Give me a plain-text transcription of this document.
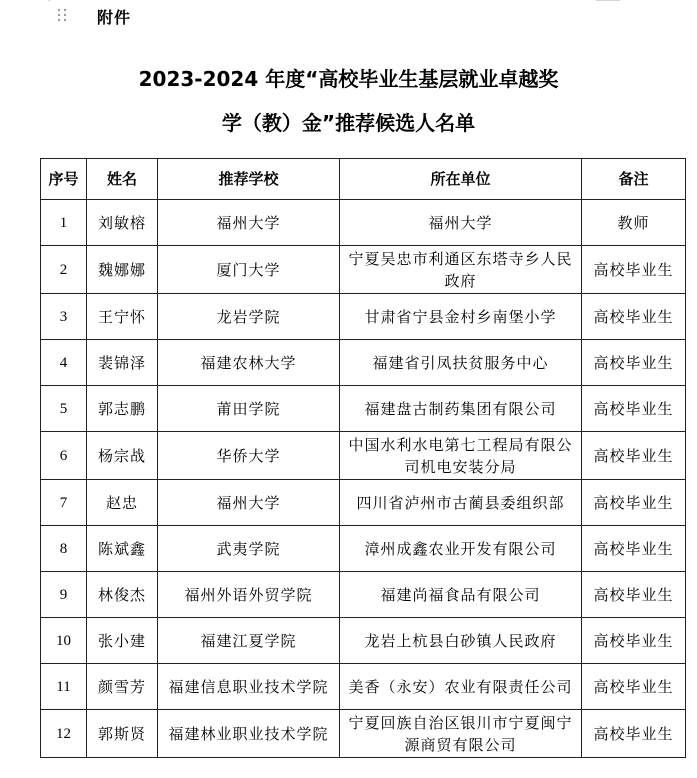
附件
2023-2024 年度“高校毕业生基层就业卓越奖
学（教）金”推荐候选人名单
序号	姓名	推荐学校	所在单位	备注
1	刘敏榕	福州大学	福州大学	教师
2	魏娜娜	厦门大学	宁夏吴忠市利通区东塔寺乡人民政府	高校毕业生
3	王宁怀	龙岩学院	甘肃省宁县金村乡南堡小学	高校毕业生
4	裴锦泽	福建农林大学	福建省引凤扶贫服务中心	高校毕业生
5	郭志鹏	莆田学院	福建盘古制药集团有限公司	高校毕业生
6	杨宗战	华侨大学	中国水利水电第七工程局有限公司机电安装分局	高校毕业生
7	赵忠	福州大学	四川省泸州市古蔺县委组织部	高校毕业生
8	陈斌鑫	武夷学院	漳州成鑫农业开发有限公司	高校毕业生
9	林俊杰	福州外语外贸学院	福建尚福食品有限公司	高校毕业生
10	张小建	福建江夏学院	龙岩上杭县白砂镇人民政府	高校毕业生
11	颜雪芳	福建信息职业技术学院	美香（永安）农业有限责任公司	高校毕业生
12	郭斯贤	福建林业职业技术学院	宁夏回族自治区银川市宁夏闽宁源商贸有限公司	高校毕业生
